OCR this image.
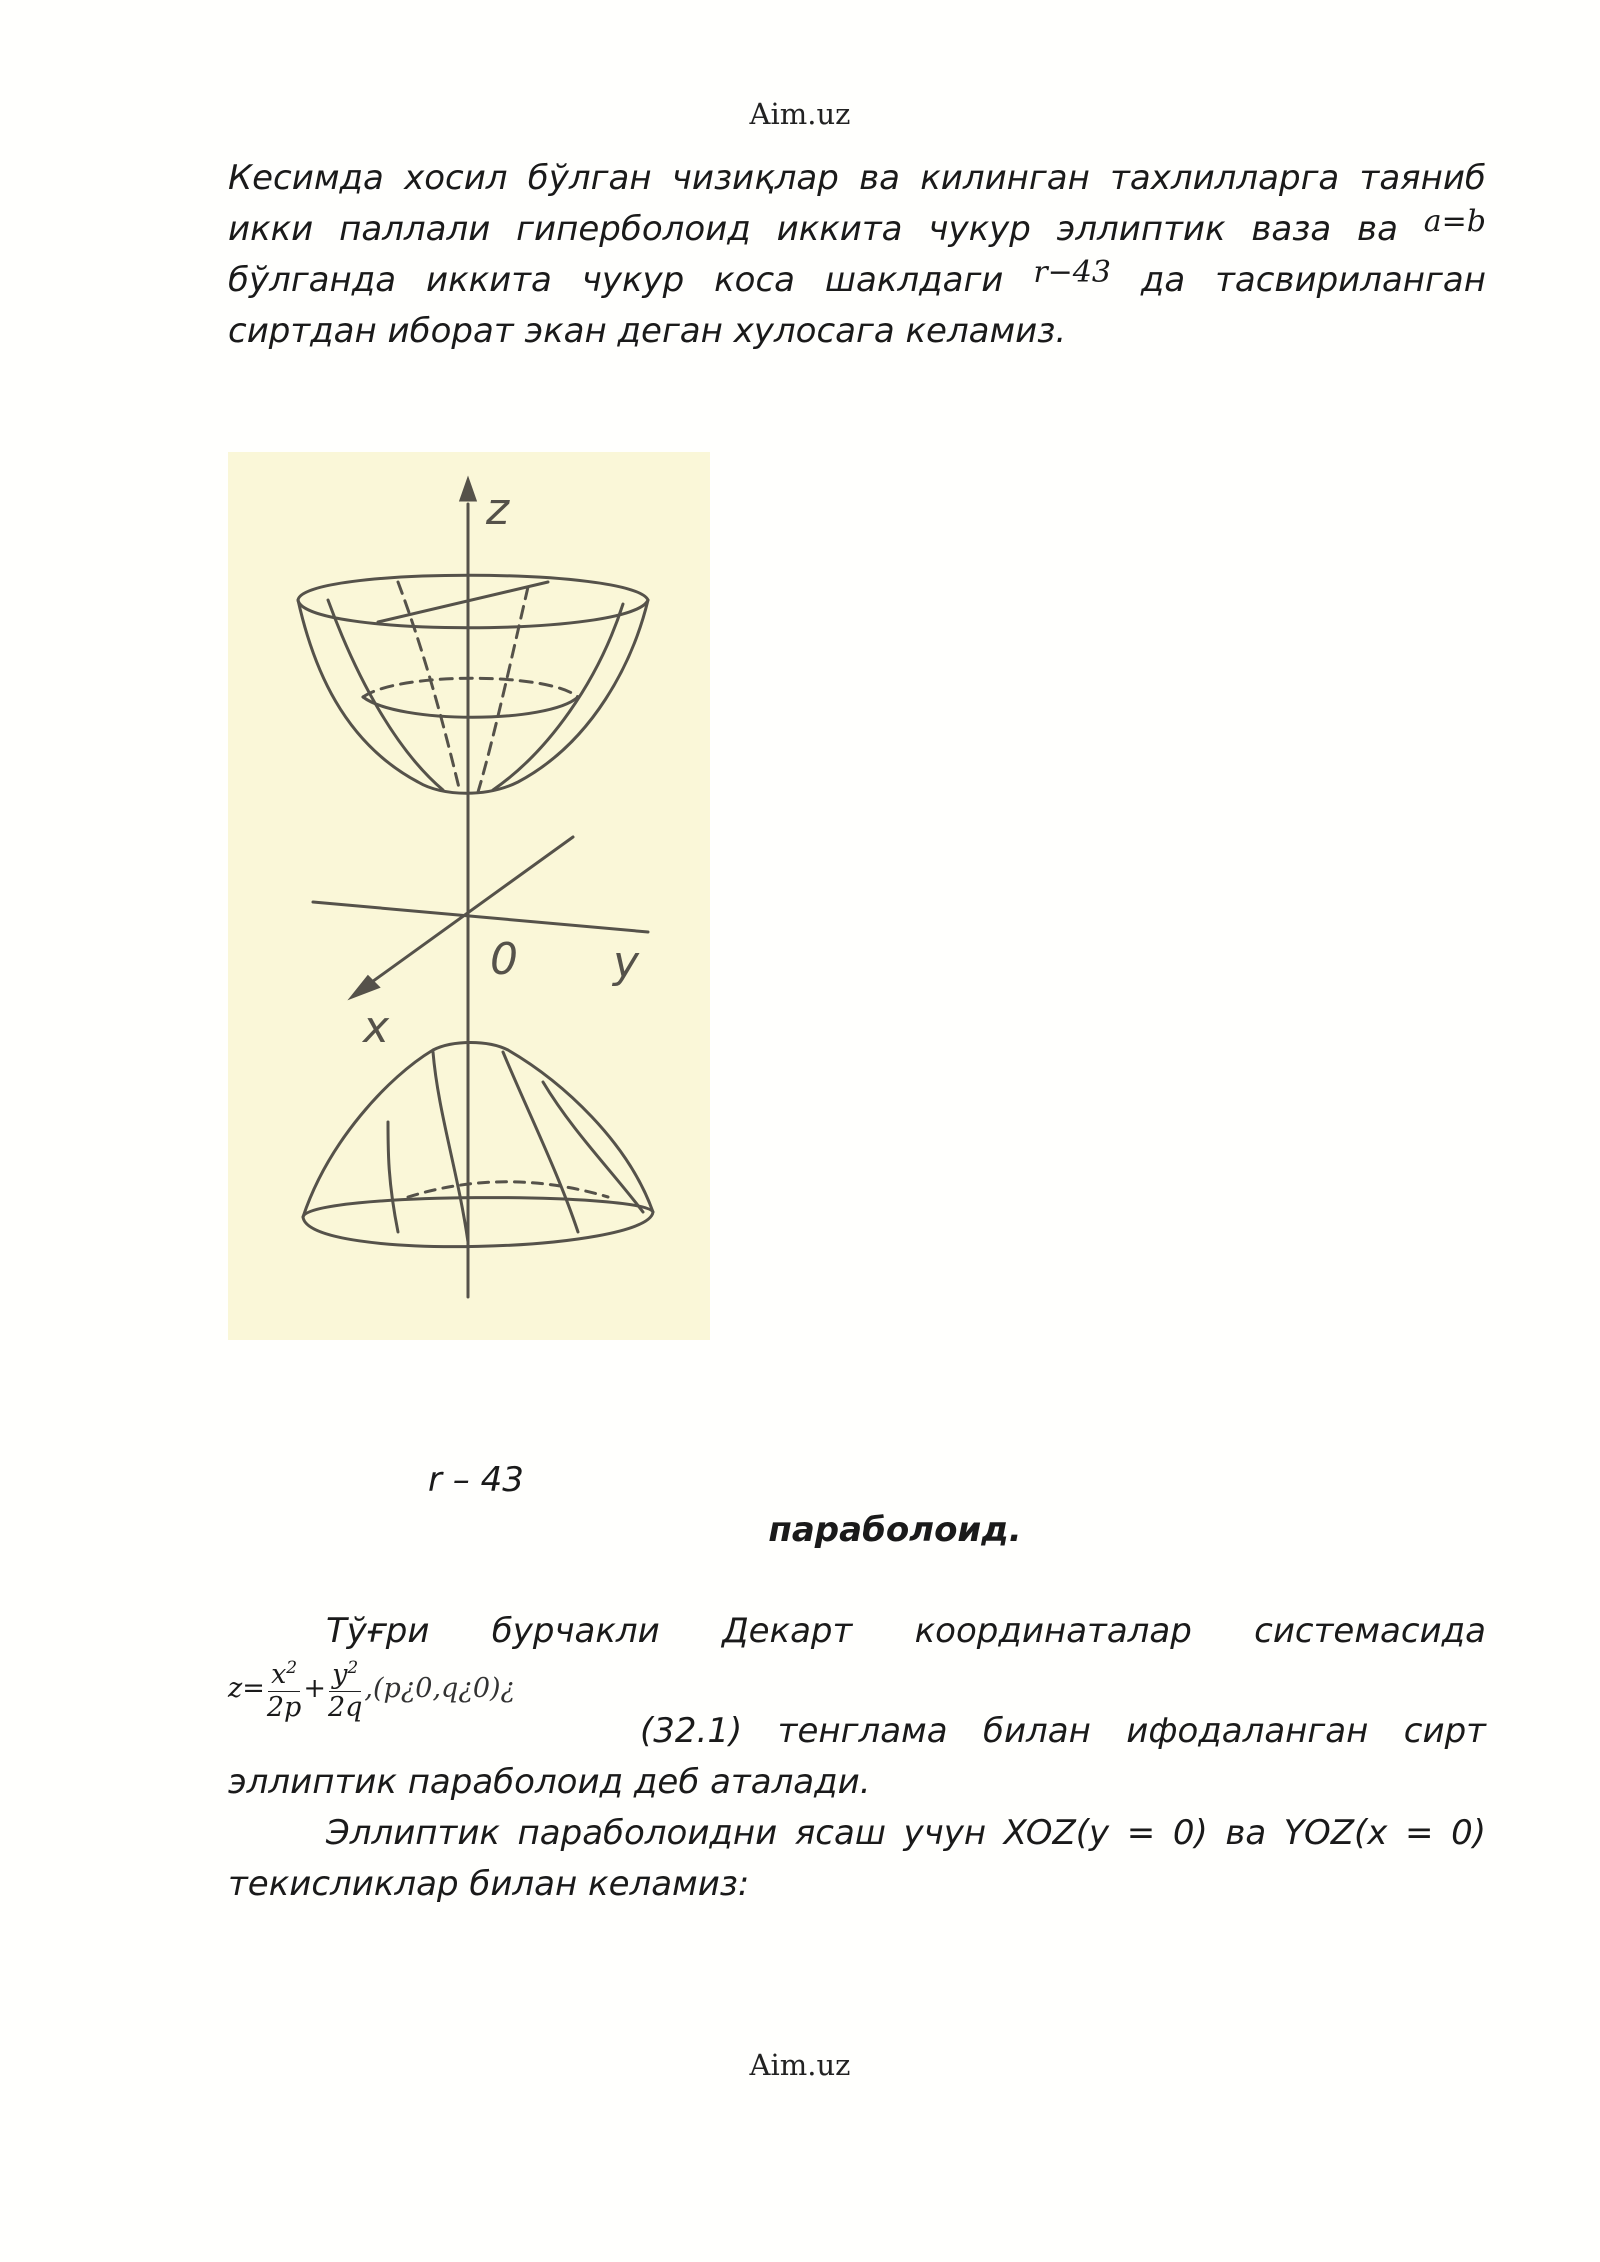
Aim.uz
Кесимда хосил бўлган чизиқлар ва килинган тахлилларга таяниб
икки паллали гиперболоид иккита чукур эллиптик ваза ва a=b
бўлганда иккита чукур коса шаклдаги r−43 да тасвириланган
сиртдан иборат экан деган хулосага келамиз.
z
0 y
x
r – 43
параболоид.
Тўғри бурчакли Декарт координаталар системасида
$z= \frac{x^2}{2p} + \frac{y^2}{2q}$ ,(p¿0,q¿0)¿
(32.1) тенглама билан ифодаланган сирт
эллиптик параболоид деб аталади.
Эллиптик параболоидни ясаш учун XOZ(y = 0) ва YOZ(x = 0)
текисликлар билан келамиз:
Aim.uz
